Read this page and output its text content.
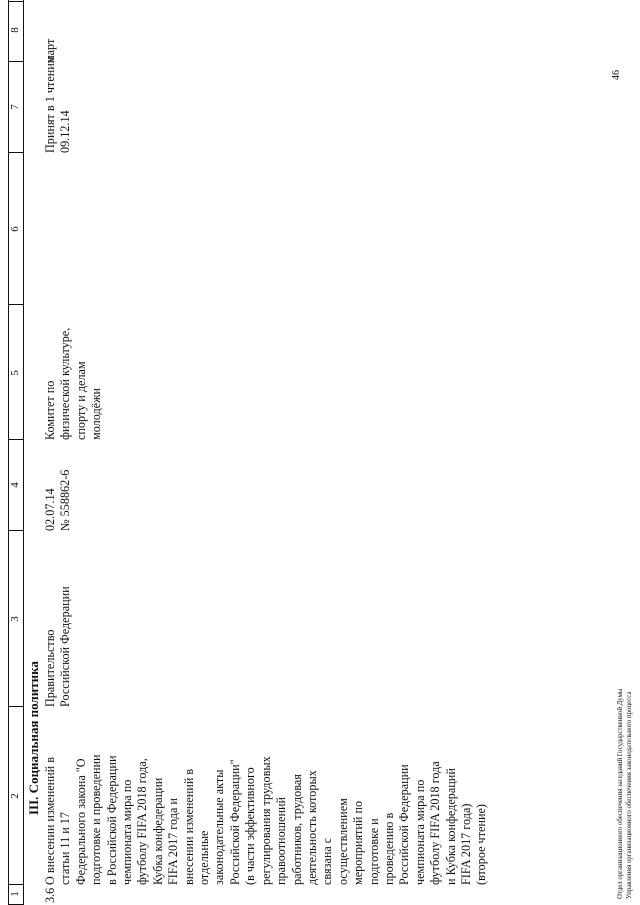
1
2
3
4
5
6
7
8
III. Социальная политика
3.6
О внесении изменений в статьи 11 и 17 Федерального закона "О подготовке и проведении в Российской Федерации чемпионата мира по футболу FIFA 2018 года, Кубка конфедерации FIFA 2017 года и внесении изменений в отдельные законодательные акты Российской Федерации" (в части эффективного регулирования трудовых правоотношений работников, трудовая деятельность которых связана с осуществлением мероприятий по подготовке и проведению в Российской Федерации чемпионата мира по футболу FIFA 2018 года и Кубка конфедераций FIFA 2017 года) (второе чтение)
Правительство Российской Федерации
02.07.14 № 558862-6
Комитет по физической культуре, спорту и делам молодёжи
Принят в 1 чтении 09.12.14
март
Отдел организационного обеспечения заседаний Государственной Думы Управления организационного обеспечения законодательного процесса
46
